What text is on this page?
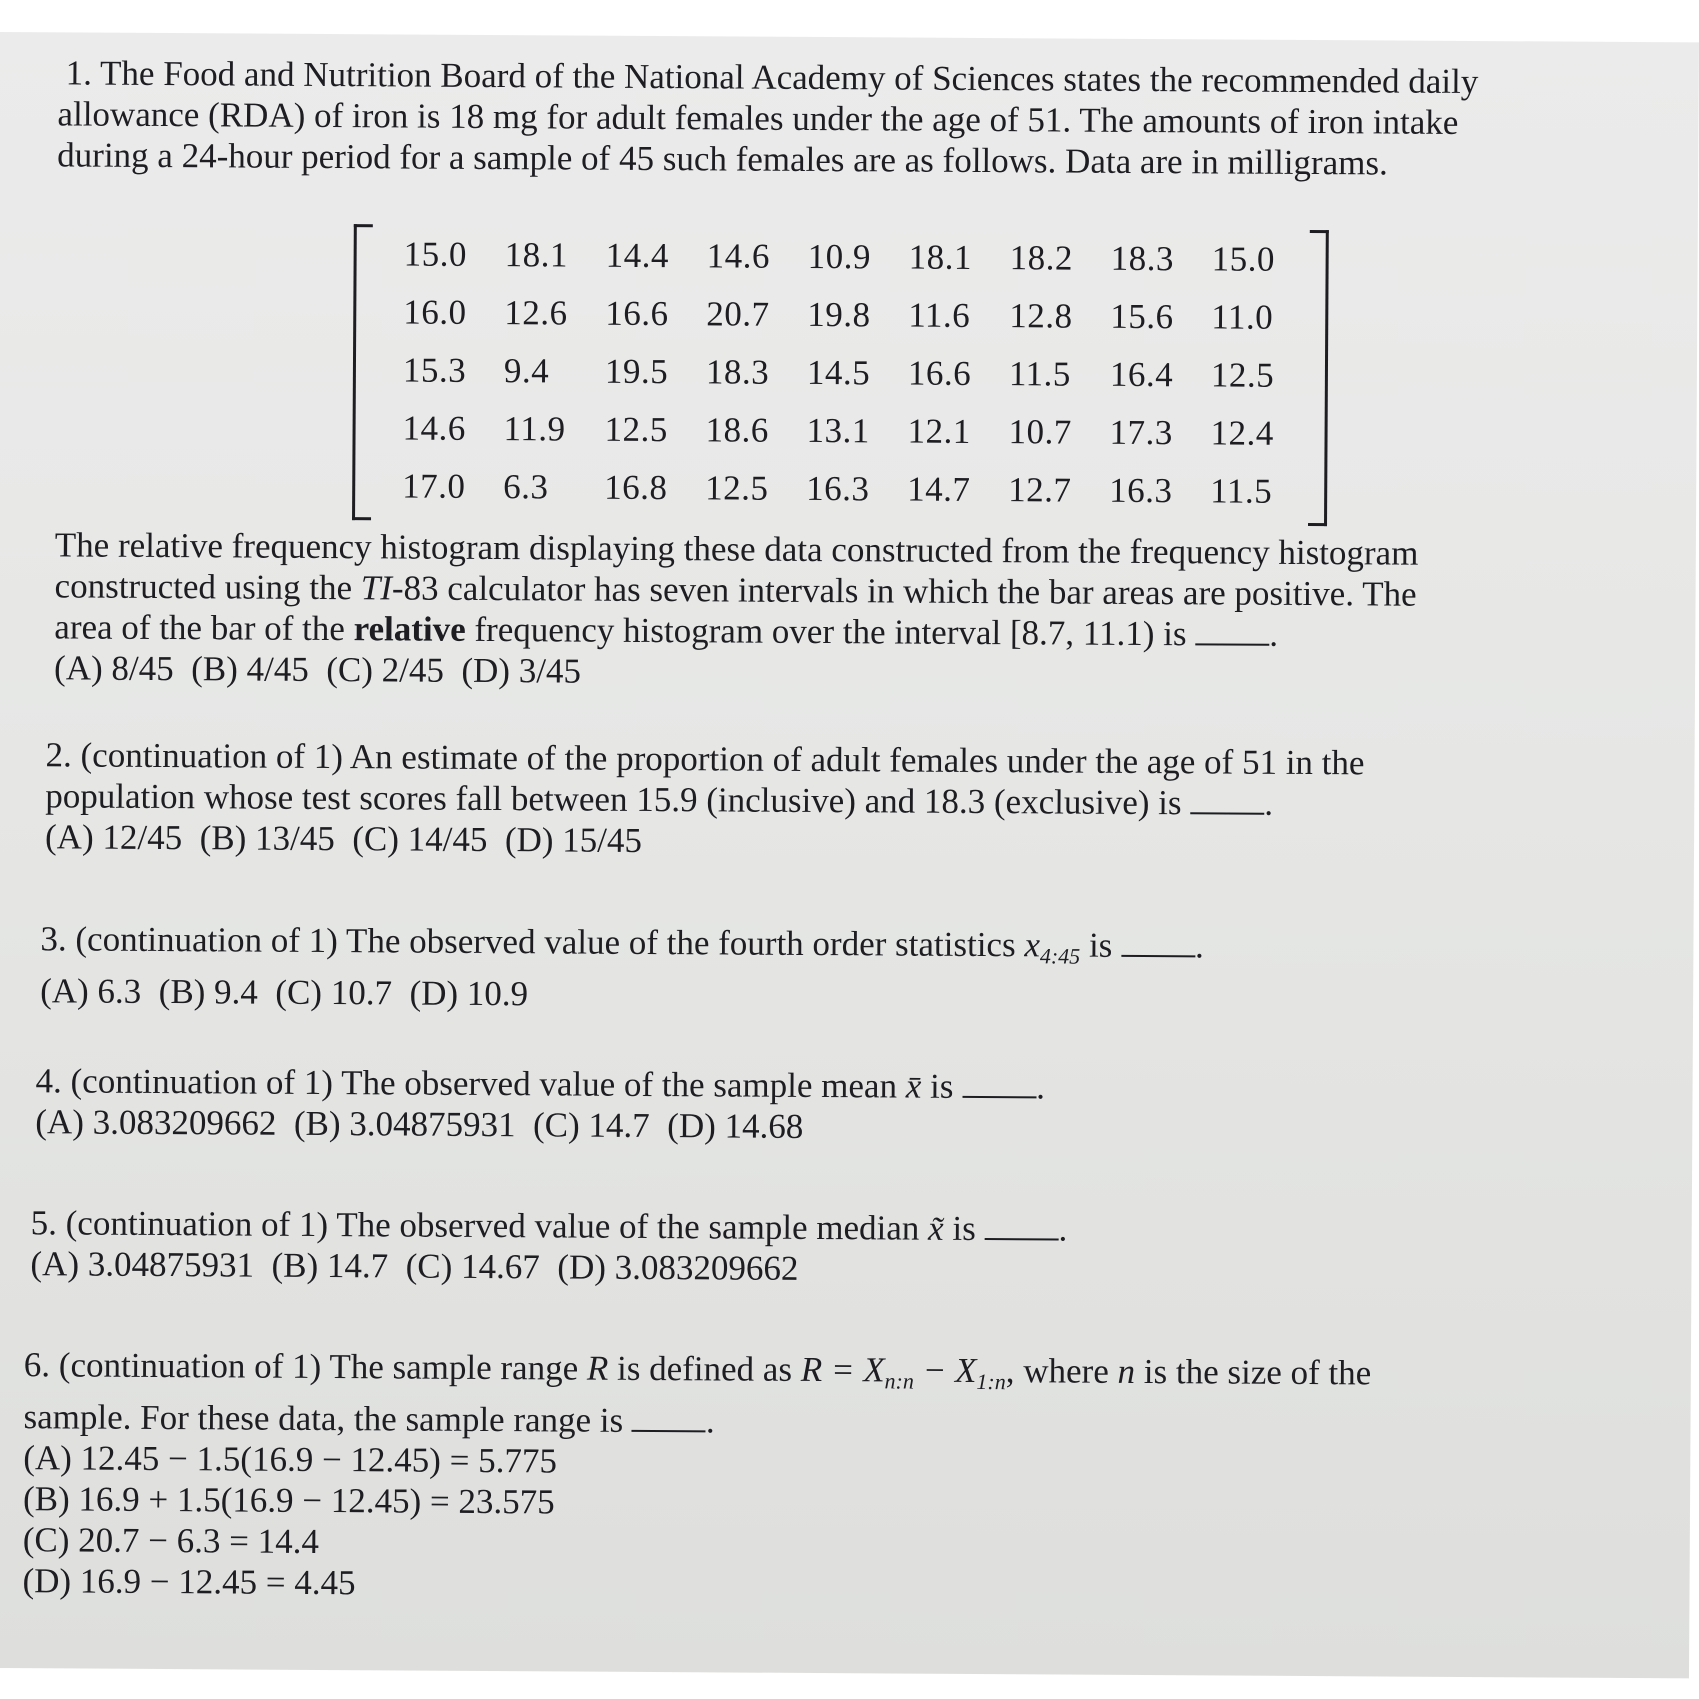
1. The Food and Nutrition Board of the National Academy of Sciences states the recommended daily

allowance (RDA) of iron is 18 mg for adult females under the age of 51. The amounts of iron intake

during a 24-hour period for a sample of 45 such females are as follows. Data are in milligrams.

15.0	18.1	14.4	14.6	10.9	18.1	18.2	18.3	15.0
16.0	12.6	16.6	20.7	19.8	11.6	12.8	15.6	11.0
15.3	9.4	19.5	18.3	14.5	16.6	11.5	16.4	12.5
14.6	11.9	12.5	18.6	13.1	12.1	10.7	17.3	12.4
17.0	6.3	16.8	12.5	16.3	14.7	12.7	16.3	11.5

The relative frequency histogram displaying these data constructed from the frequency histogram

constructed using the TI-83 calculator has seven intervals in which the bar areas are positive. The

area of the bar of the relative frequency histogram over the interval [8.7, 11.1) is .

(A) 8/45  (B) 4/45  (C) 2/45  (D) 3/45

2. (continuation of 1) An estimate of the proportion of adult females under the age of 51 in the

population whose test scores fall between 15.9 (inclusive) and 18.3 (exclusive) is .

(A) 12/45  (B) 13/45  (C) 14/45  (D) 15/45

3. (continuation of 1) The observed value of the fourth order statistics $x_{4:45}$ is .

(A) 6.3  (B) 9.4  (C) 10.7  (D) 10.9

4. (continuation of 1) The observed value of the sample mean x̄ is .

(A) 3.083209662  (B) 3.04875931  (C) 14.7  (D) 14.68

5. (continuation of 1) The observed value of the sample median x̃ is .

(A) 3.04875931  (B) 14.7  (C) 14.67  (D) 3.083209662

6. (continuation of 1) The sample range R is defined as $R = X_{n:n} - X_{1:n}$, where n is the size of the

sample. For these data, the sample range is .

(A) 12.45 − 1.5(16.9 − 12.45) = 5.775

(B) 16.9 + 1.5(16.9 − 12.45) = 23.575

(C) 20.7 − 6.3 = 14.4

(D) 16.9 − 12.45 = 4.45
